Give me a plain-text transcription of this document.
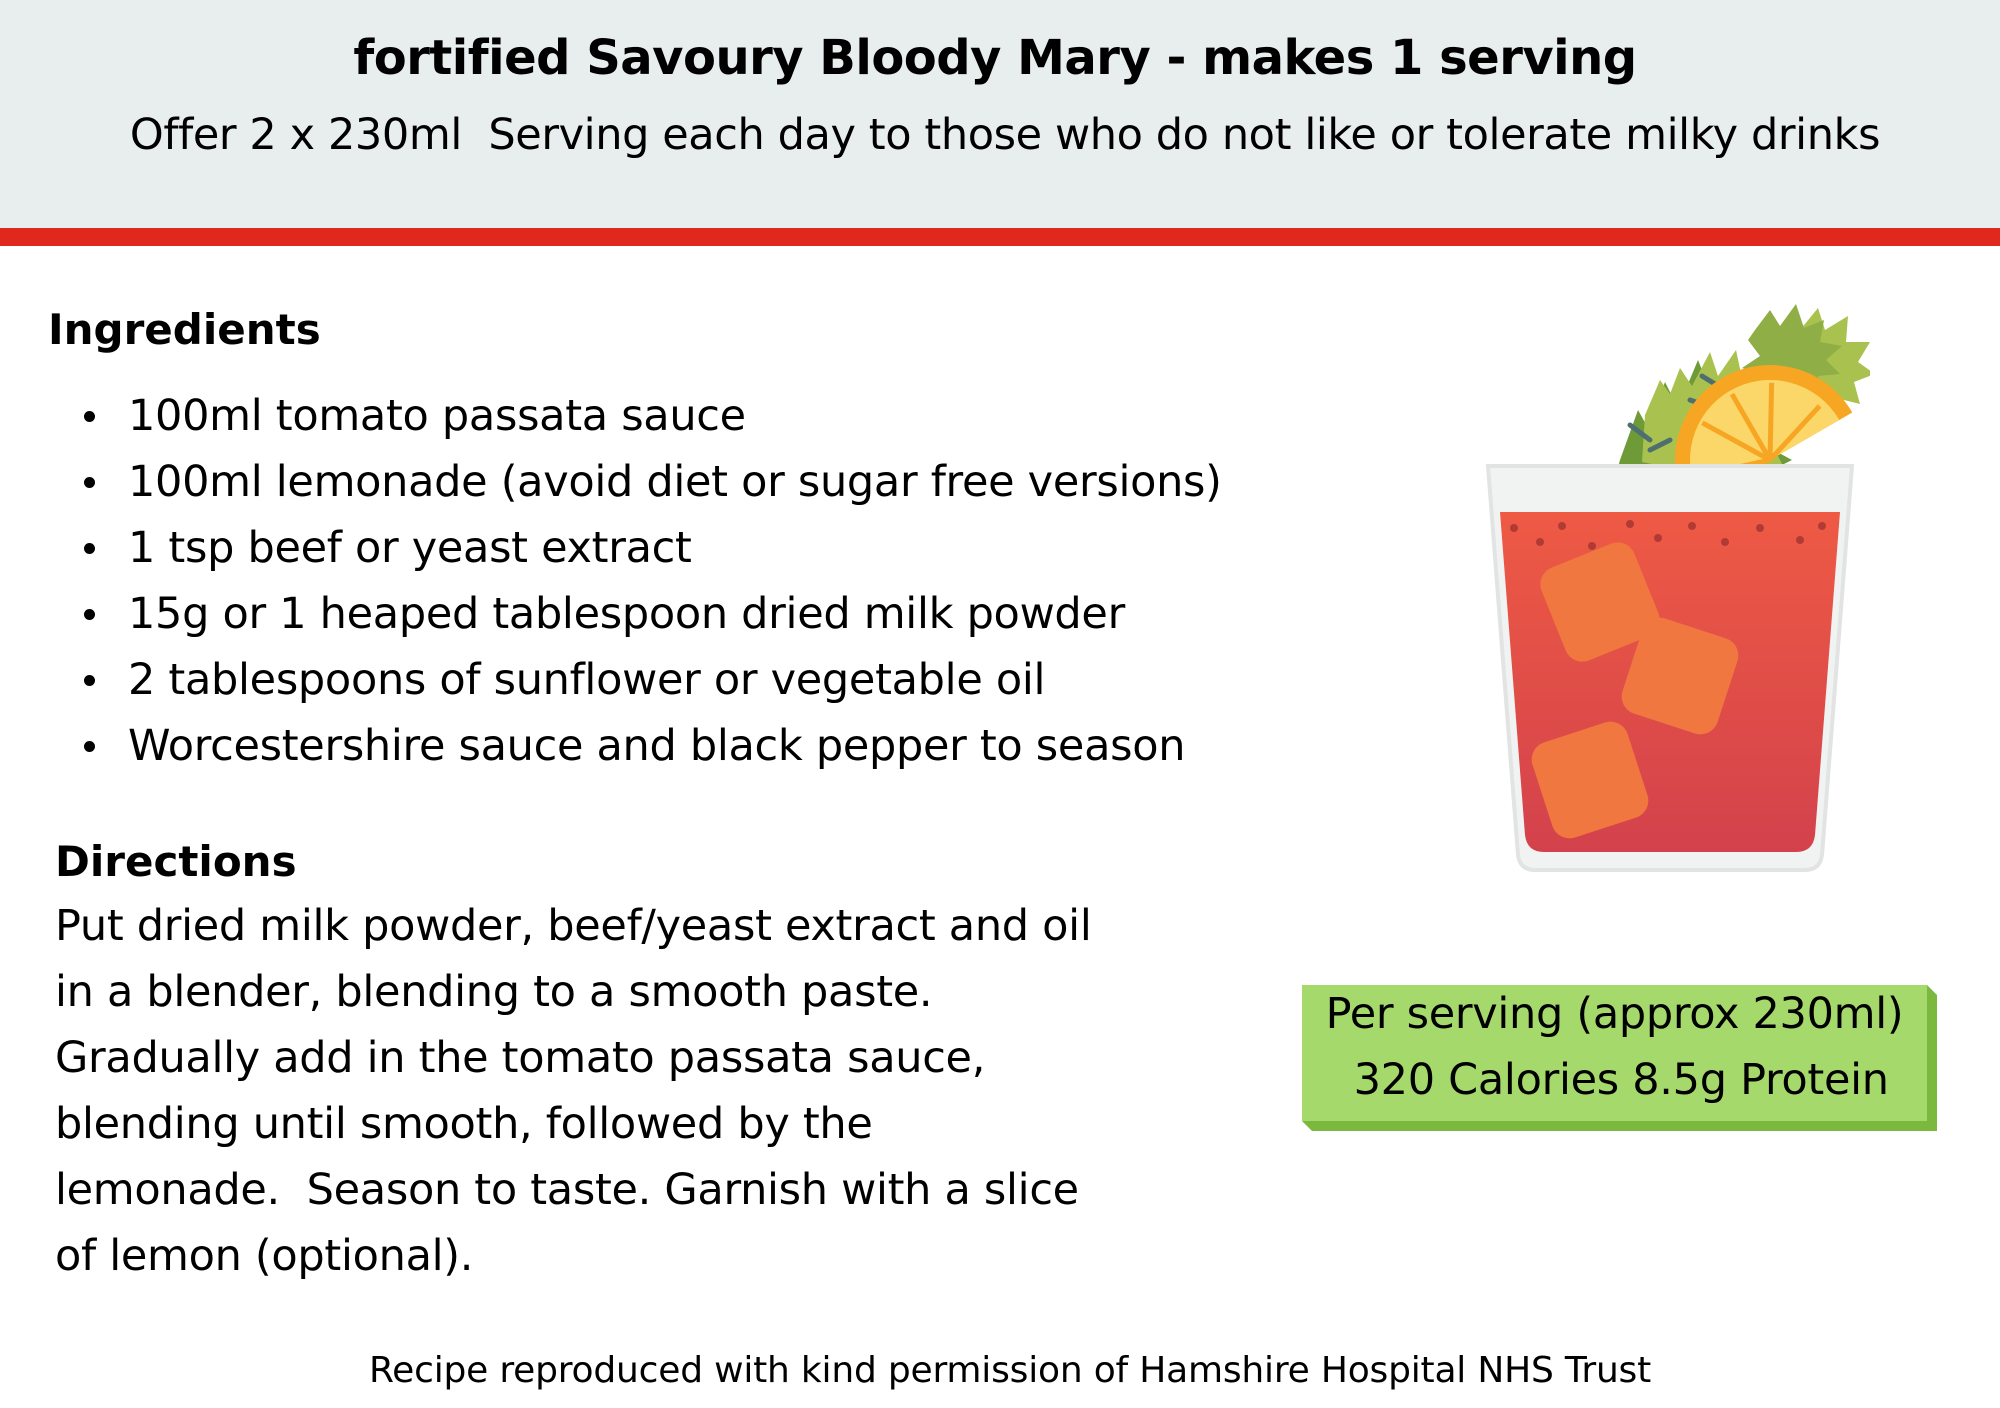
fortified Savoury Bloody Mary - makes 1 serving
Offer 2 x 230ml  Serving each day to those who do not like or tolerate milky drinks
Ingredients
100ml tomato passata sauce
100ml lemonade (avoid diet or sugar free versions)
1 tsp beef or yeast extract
15g or 1 heaped tablespoon dried milk powder
2 tablespoons of sunflower or vegetable oil
Worcestershire sauce and black pepper to season
Directions
Put dried milk powder, beef/yeast extract and oil
in a blender, blending to a smooth paste.
Gradually add in the tomato passata sauce,
blending until smooth, followed by the
lemonade.  Season to taste. Garnish with a slice
of lemon (optional).
Per serving (approx 230ml)
320 Calories 8.5g Protein
Recipe reproduced with kind permission of Hamshire Hospital NHS Trust
